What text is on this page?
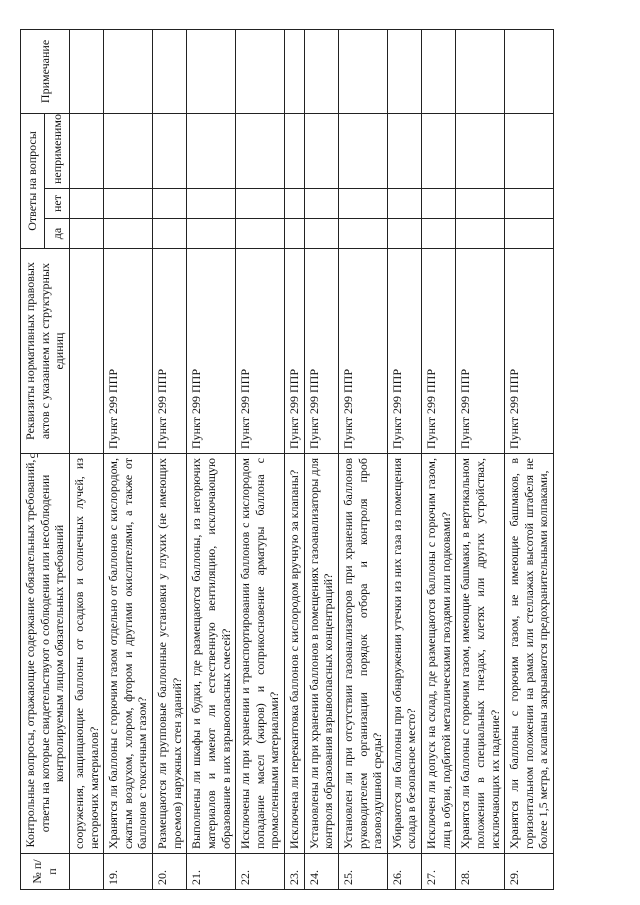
5
№ п/п	Контрольные вопросы, отражающие содержание обязательных требований, ответы на которые свидетельствуют о соблюдении или несоблюдении контролируемым лицом обязательных требований	Реквизиты нормативных правовых актов с указанием их структурных единиц	Ответы на вопросы			Примечание
			да	нет	неприменимо	
	сооружения, защищающие баллоны от осадков и солнечных лучей, из негорючих материалов?					
19.	Хранятся ли баллоны с горючим газом отдельно от баллонов с кислородом, сжатым воздухом, хлором, фтором и другими окислителями, а также от баллонов с токсичным газом?	Пункт 299 ППР				
20.	Размещаются ли групповые баллонные установки у глухих (не имеющих проемов) наружных стен зданий?	Пункт 299 ППР				
21.	Выполнены ли шкафы и будки, где размещаются баллоны, из негорючих материалов и имеют ли естественную вентиляцию, исключающую образование в них взрывоопасных смесей?	Пункт 299 ППР				
22.	Исключены ли при хранении и транспортировании баллонов с кислородом попадание масел (жиров) и соприкосновение арматуры баллона с промасленными материалами?	Пункт 299 ППР				
23.	Исключена ли перекантовка баллонов с кислородом вручную за клапаны?	Пункт 299 ППР				
24.	Установлены ли при хранении баллонов в помещениях газоанализаторы для контроля образования взрывоопасных концентраций?	Пункт 299 ППР				
25.	Установлен ли при отсутствии газоанализаторов при хранении баллонов руководителем организации порядок отбора и контроля проб газовоздушной среды?	Пункт 299 ППР				
26.	Убираются ли баллоны при обнаружении утечки из них газа из помещения склада в безопасное место?	Пункт 299 ППР				
27.	Исключен ли допуск на склад, где размещаются баллоны с горючим газом, лиц в обуви, подбитой металлическими гвоздями или подковами?	Пункт 299 ППР				
28.	Хранятся ли баллоны с горючим газом, имеющие башмаки, в вертикальном положении в специальных гнездах, клетях или других устройствах, исключающих их падение?	Пункт 299 ППР				
29.	Хранятся ли баллоны с горючим газом, не имеющие башмаков, в горизонтальном положении на рамах или стеллажах высотой штабеля не более 1,5 метра, а клапаны закрываются предохранительными колпаками,	Пункт 299 ППР				
